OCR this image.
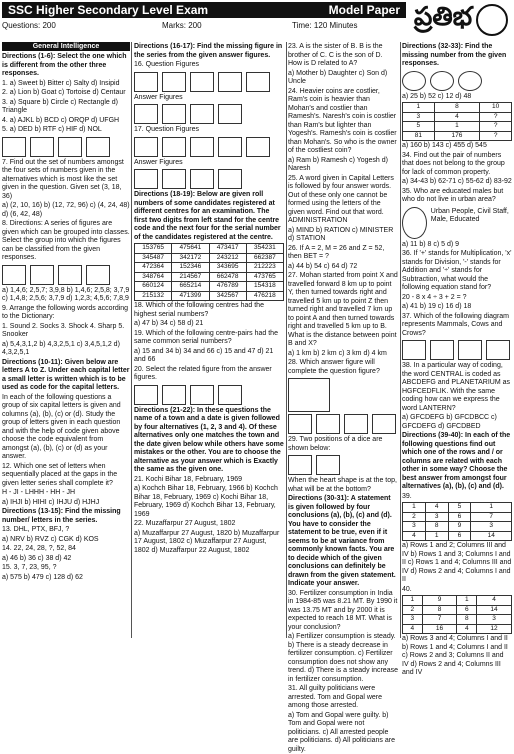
SSC Higher Secondary Level Exam	Model Paper
Questions: 200	Marks: 200	Time: 120 Minutes ప్రతిభ
General Intelligence
Directions (1-6): Select the one which is different from the other three responses.
1. a) Sweet b) Bitter c) Salty d) Insipid
2. a) Lion b) Goat c) Tortoise d) Centaur
3. a) Square b) Circle c) Rectangle d) Triangle
4. a) AJKL b) BCD c) ORQP d) UFGH
5. a) DED b) RTF c) HIF d) NOL
7. Find out the set of numbers amongst the four sets of numbers given in the alternatives which is most like the set given in the question. Given set (3, 18, 36)
a) (2, 10, 16) b) (12, 72, 96) c) (4, 24, 48) d) (6, 42, 48)
8. Directions: A series of figures are given which can be grouped into classes. Select the group into which the figures can be classified from the given responses.
a) 1,4,6; 2,5,7; 3,9,8 b) 1,4,6; 2,5,8; 3,7,9 c) 1,4,8; 2,5,6; 3,7,9 d) 1,2,3; 4,5,6; 7,8,9
9. Arrange the following words according to the Dictionary:
1. Sound 2. Socks 3. Shock 4. Sharp 5. Snooker
a) 5,4,3,1,2 b) 4,3,2,5,1 c) 3,4,5,1,2 d) 4,3,2,5,1
Directions (10-11): Given below are letters A to Z. Under each capital letter a small letter is written which is to be used as code for the capital letters.
In each of the following questions a group of six capital letters is given and columns (a), (b), (c) or (d). Study the group of letters given in each question and with the help of code given above choose the code equivalent from amongst (a), (b), (c) or (d) as your answer.
12. Which one set of letters when sequentially placed at the gaps in the given letter series shall complete it?
H - JI - LHHH - HH - JH
a) IHJI b) HIHI c) IHJU d) HJHJ
Directions (13-15): Find the missing number/ letters in the series.
13. DHL, PTX, BFJ, ?
a) NRV b) RVZ c) CGK d) KOS
14. 22, 24, 28, ?, 52, 84
a) 46 b) 36 c) 38 d) 42
15. 3, 7, 23, 95, ?
a) 575 b) 479 c) 128 d) 62
Directions (16-17): Find the missing figure in the series from the given answer figures.
16. Question Figures
Answer Figures
17. Question Figures
Answer Figures
Directions (18-19): Below are given roll numbers of some candidates registered at different centres for an examination. The first two digits from left stand for the centre code and the next four for the serial number of the candidates registered at the centre.
153765	475641	473417	354231
345487	342172	243212	662387
472364	152346	343695	212223
348764	214567	662478	473765
660124	665214	476789	154318
215132	471399	342567	476218
18. Which of the following centres had the highest serial numbers?
a) 47 b) 34 c) 58 d) 21
19. Which of the following centre-pairs had the same common serial numbers?
a) 15 and 34 b) 34 and 66 c) 15 and 47 d) 21 and 66
20. Select the related figure from the answer figures.
Directions (21-22): In these questions the name of a town and a date is given followed by four alternatives (1, 2, 3 and 4). Of these alternatives only one matches the town and the date given below while others have some mistakes or the other. You are to choose the alternative as your answer which is Exactly the same as the given one.
21. Kochi Bihar 18, February, 1969
a) Kochch Bihar 18, February, 1966 b) Kochch Bihar 18, February, 1969 c) Kochi Bihar 18, February, 1969 d) Kochch Bihar 13, February, 1969
22. Muzaffarpur 27 August, 1802
a) Muzaffarpur 27 August, 1820 b) Muzaffarpur 17 August, 1802 c) Muzaffarpur 27 August, 1802 d) Muzaffarpur 22 August, 1802
23. A is the sister of B. B is the brother of C. C is the son of D. How is D related to A?
a) Mother b) Daughter c) Son d) Uncle
24. Heavier coins are costlier, Ram's coin is heavier than Mohan's and costlier than Ramesh's. Naresh's coin is costlier than Ram's but lighter than Yogesh's. Ramesh's coin is costlier than Mohan's. So who is the owner of the costliest coin?
a) Ram b) Ramesh c) Yogesh d) Naresh
25. A word given in Capital Letters is followed by four answer words. Out of these only one cannot be formed using the letters of the given word. Find out that word. ADMINISTRATION
a) MIND b) RATION c) MINISTER d) STATION
26. If A = 2, M = 26 and Z = 52, then BET = ?
a) 44 b) 54 c) 64 d) 72
27. Mohan started from point X and travelled forward 8 km up to point Y, then turned towards right and travelled 5 km up to point Z then turned right and travelled 7 km up to point A and then turned towards right and travelled 5 km up to B. What is the distance between point B and X?
a) 1 km b) 2 km c) 3 km d) 4 km
28. Which answer figure will complete the question figure?
29. Two positions of a dice are shown below:
When the heart shape is at the top, what will be at the bottom?
Directions (30-31): A statement is given followed by four conclusions (a), (b), (c) and (d). You have to consider the statement to be true, even if it seems to be at variance from commonly known facts. You are to decide which of the given conclusions can definitely be drawn from the given statement. Indicate your answer.
30. Fertilizer consumption in India in 1984-85 was 8.21 MT. By 1990 it was 13.75 MT and by 2000 it is expected to reach 18 MT. What is your conclusion?
a) Fertilizer consumption is steady. b) There is a steady decrease in fertilizer consumption. c) Fertilizer consumption does not show any trend. d) There is a steady increase in fertilizer consumption.
31. All guilty politicians were arrested. Tom and Gopal were among those arrested.
a) Tom and Gopal were guilty. b) Tom and Gopal were not politicians. c) All arrested people are politicians. d) All politicians are guilty.
Directions (32-33): Find the missing number from the given responses.
a) 25 b) 52 c) 12 d) 48
1	8	10
3	4	?
5	1	?
81	176	?
a) 160 b) 143 c) 455 d) 545
34. Find out the pair of numbers that does not belong to the group for lack of common property.
a) 34-43 b) 62-71 c) 55-62 d) 83-92
35. Who are educated males but who do not live in urban area?
Urban People, Civil Staff, Male, Educated
a) 11 b) 8 c) 5 d) 9
36. If '+' stands for Multiplication, 'x' stands for Division, '-' stands for Addition and '÷' stands for Subtraction, what would the following equation stand for?
20 - 8 x 4 ÷ 3 + 2 = ?
a) 41 b) 19 c) 16 d) 18
37. Which of the following diagram represents Mammals, Cows and Crows?
38. In a particular way of coding, the word CENTRAL is coded as ABCDEFG and PLANETARIUM as HGFCEDFLIK. With the same coding how can we express the word LANTERN?
a) GFCDEFG b) GFCDBCC c) GFCDEFG d) GFCDBED
Directions (39-40): In each of the following questions find out which one of the rows and / or columns are related with each other in some way? Choose the best answer from amongst four alternatives (a), (b), (c) and (d).
39.
1	4	5	1
2	3	6	7
3	8	9	3
4	1	6	14
a) Rows 1 and 2; Columns III and IV b) Rows 1 and 3; Columns I and II c) Rows 1 and 4; Columns III and IV d) Rows 2 and 4; Columns I and II
40.
1	9	1	4
2	8	6	14
3	7	8	3
4	16	4	12
a) Rows 3 and 4; Columns I and II b) Rows 1 and 4; Columns I and II c) Rows 2 and 3; Columns II and IV d) Rows 2 and 4; Columns III and IV
